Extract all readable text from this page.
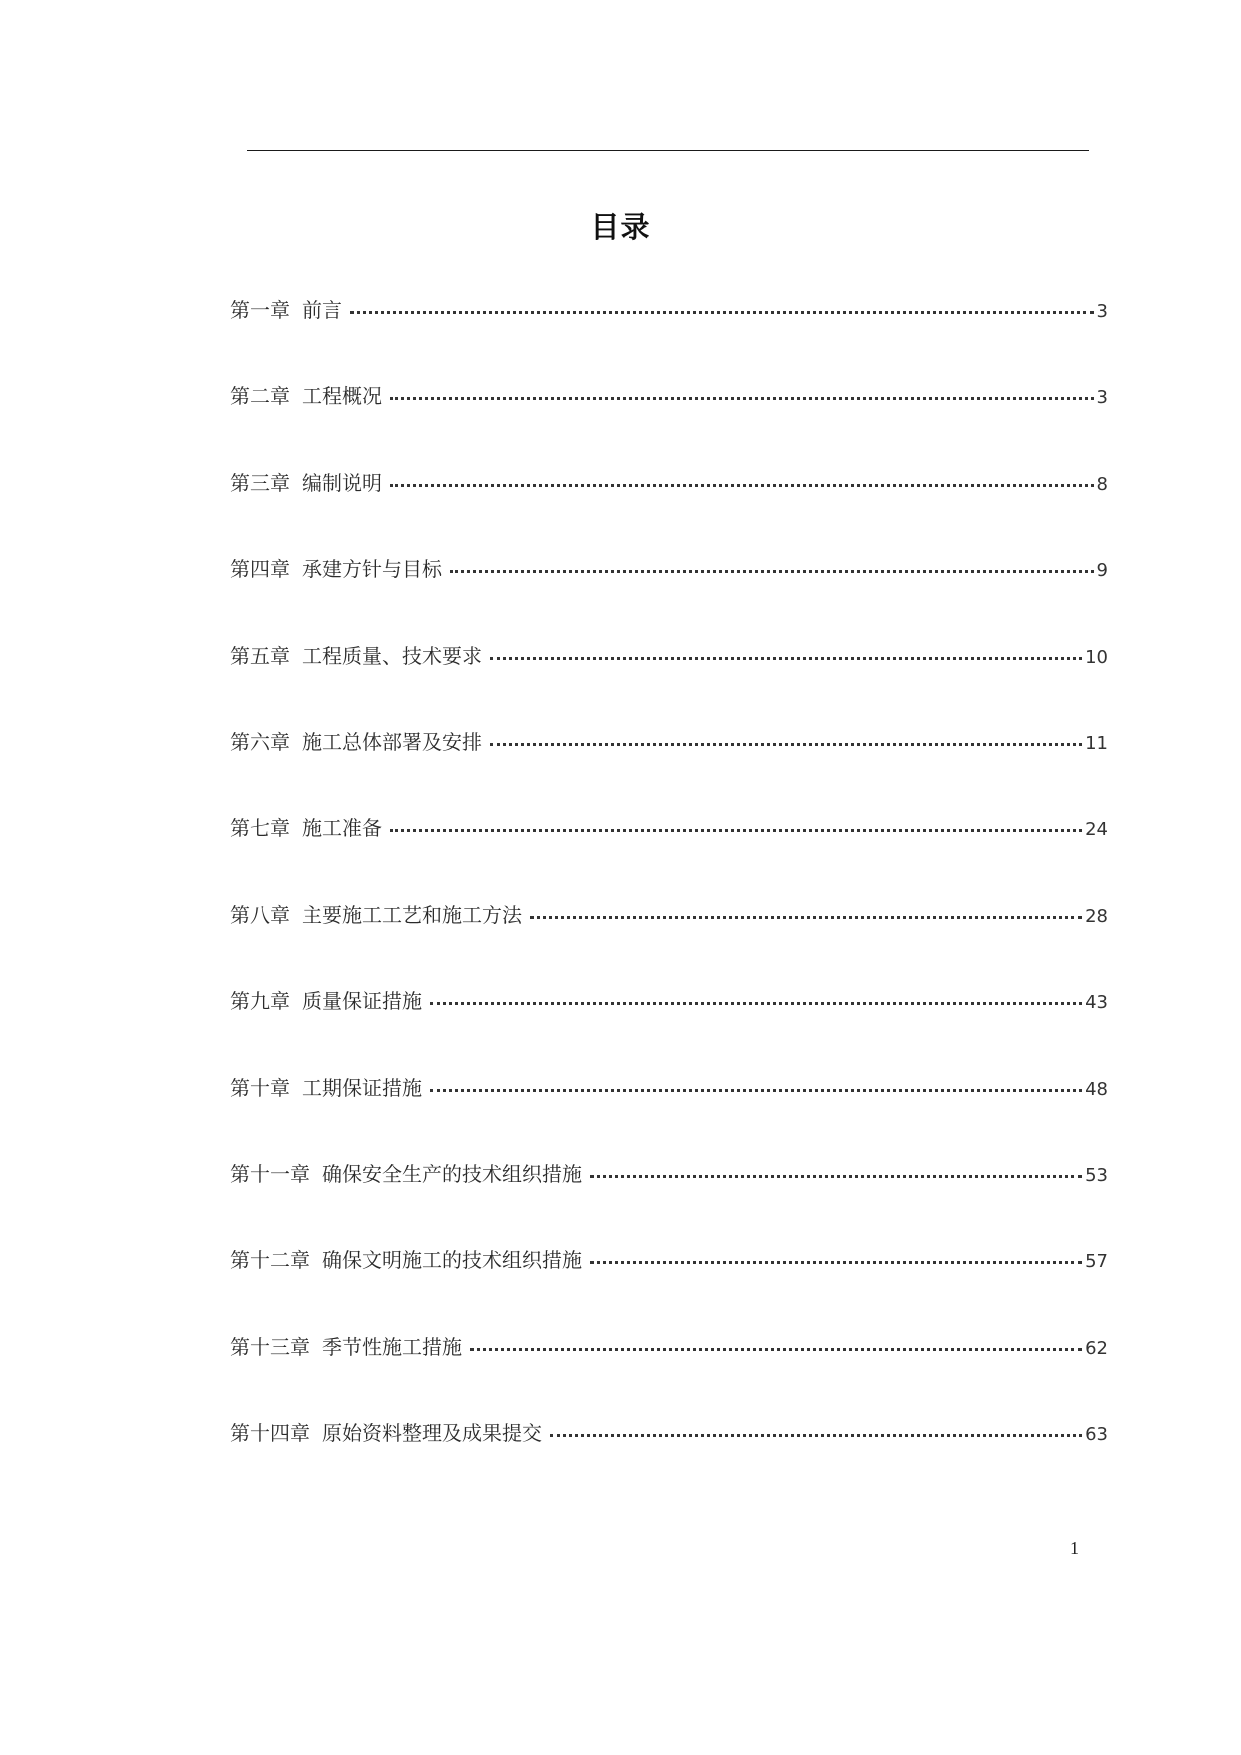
目录
第一章 前言	3
第二章 工程概况	3
第三章 编制说明	8
第四章 承建方针与目标	9
第五章 工程质量、技术要求	10
第六章 施工总体部署及安排	11
第七章 施工准备	24
第八章 主要施工工艺和施工方法	28
第九章 质量保证措施	43
第十章 工期保证措施	48
第十一章 确保安全生产的技术组织措施	53
第十二章 确保文明施工的技术组织措施	57
第十三章 季节性施工措施	62
第十四章 原始资料整理及成果提交	63
1
